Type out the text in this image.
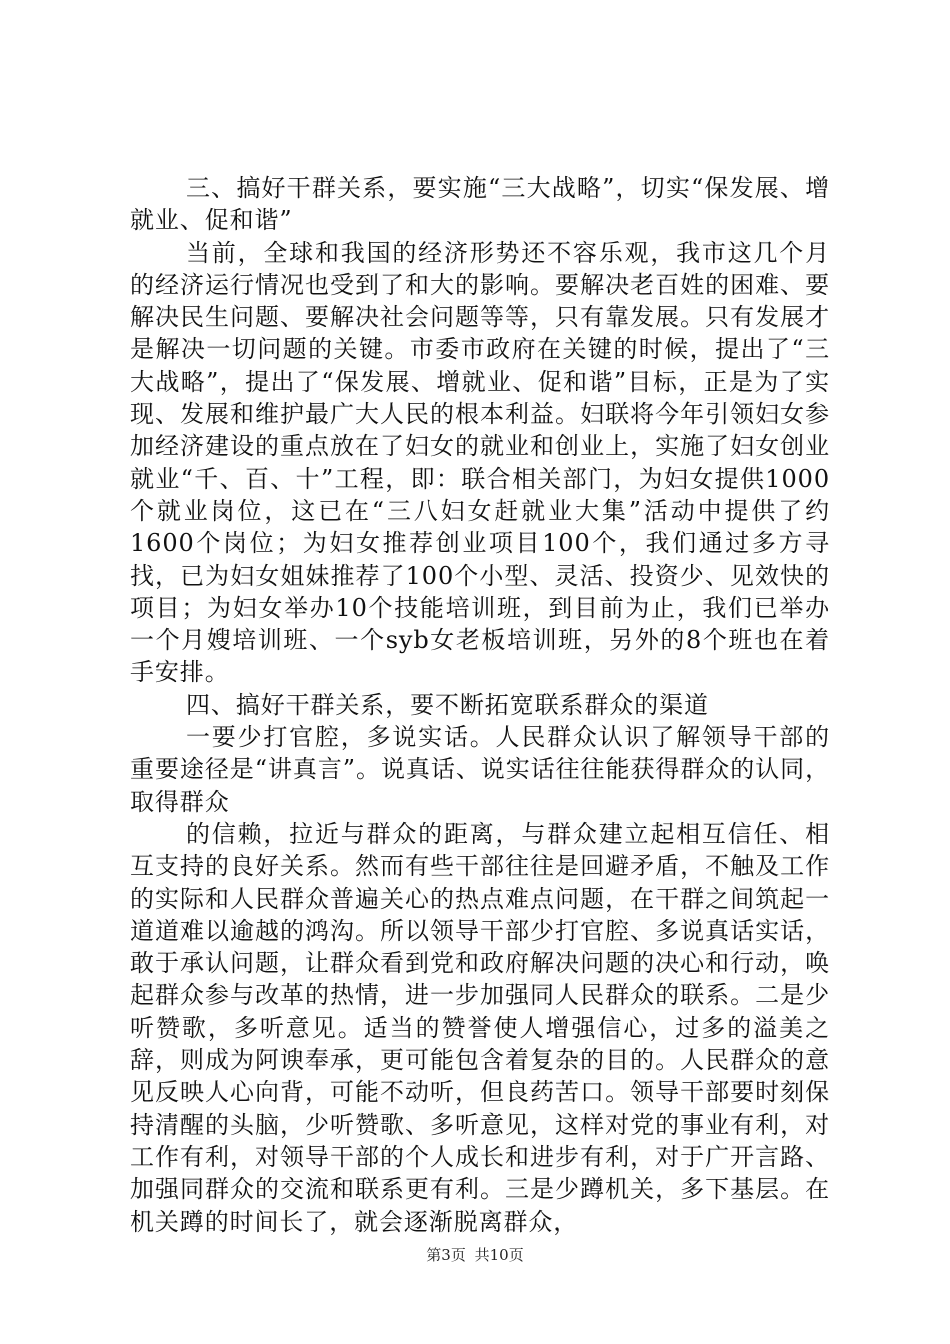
三、搞好干群关系，要实施“三大战略”，切实“保发展、增就业、促和谐”

当前，全球和我国的经济形势还不容乐观，我市这几个月的经济运行情况也受到了和大的影响。要解决老百姓的困难、要解决民生问题、要解决社会问题等等，只有靠发展。只有发展才是解决一切问题的关键。市委市政府在关键的时候，提出了“三大战略”，提出了“保发展、增就业、促和谐”目标，正是为了实现、发展和维护最广大人民的根本利益。妇联将今年引领妇女参加经济建设的重点放在了妇女的就业和创业上，实施了妇女创业就业“千、百、十”工程，即：联合相关部门，为妇女提供1000个就业岗位，这已在“三八妇女赶就业大集”活动中提供了约1600个岗位；为妇女推荐创业项目100个，我们通过多方寻找，已为妇女姐妹推荐了100个小型、灵活、投资少、见效快的项目；为妇女举办10个技能培训班，到目前为止，我们已举办一个月嫂培训班、一个syb女老板培训班，另外的8个班也在着手安排。

四、搞好干群关系，要不断拓宽联系群众的渠道

一要少打官腔，多说实话。人民群众认识了解领导干部的重要途径是“讲真言”。说真话、说实话往往能获得群众的认同，取得群众

的信赖，拉近与群众的距离，与群众建立起相互信任、相互支持的良好关系。然而有些干部往往是回避矛盾，不触及工作的实际和人民群众普遍关心的热点难点问题，在干群之间筑起一道道难以逾越的鸿沟。所以领导干部少打官腔、多说真话实话，敢于承认问题，让群众看到党和政府解决问题的决心和行动，唤起群众参与改革的热情，进一步加强同人民群众的联系。二是少听赞歌，多听意见。适当的赞誉使人增强信心，过多的溢美之辞，则成为阿谀奉承，更可能包含着复杂的目的。人民群众的意见反映人心向背，可能不动听，但良药苦口。领导干部要时刻保持清醒的头脑，少听赞歌、多听意见，这样对党的事业有利，对工作有利，对领导干部的个人成长和进步有利，对于广开言路、加强同群众的交流和联系更有利。三是少蹲机关，多下基层。在机关蹲的时间长了，就会逐渐脱离群众，

第3页 共10页
